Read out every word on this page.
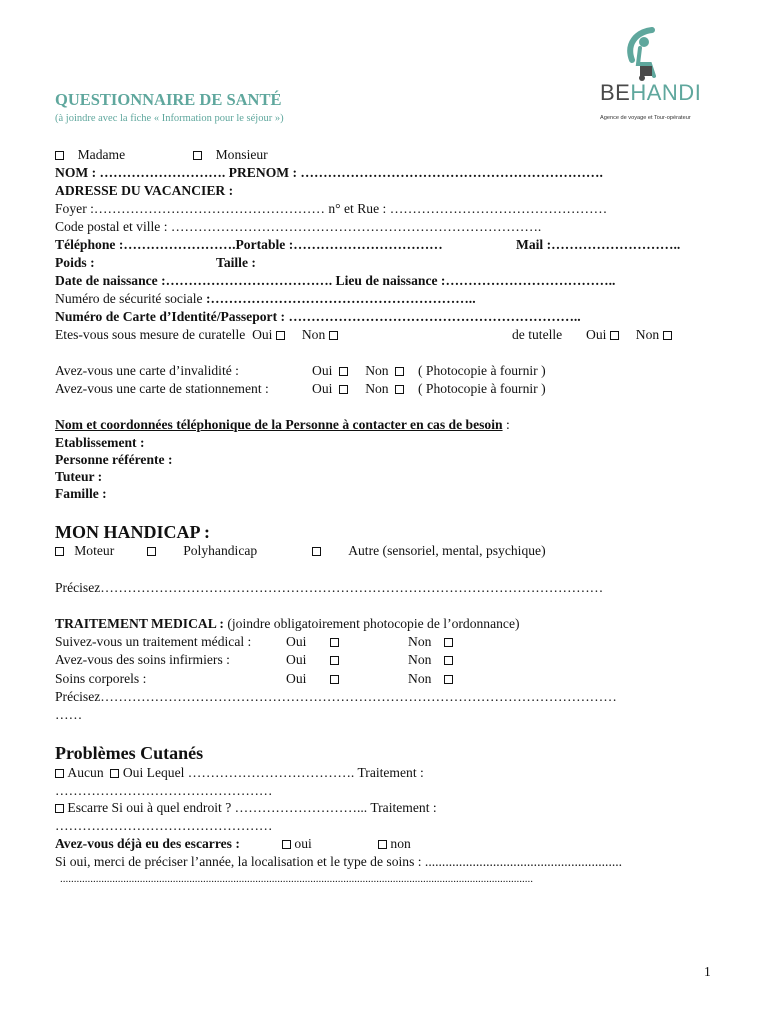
BEHANDI
Agence de voyage et Tour-opérateur
QUESTIONNAIRE DE SANTÉ
(à joindre avec la fiche « Information pour le séjour »)
Madame	Monsieur
NOM : ………………………. PRENOM : ………………………………………………………….
ADRESSE DU VACANCIER :
Foyer :…………………………………………… n° et Rue : …………………………………………
Code postal et ville : ……………………………………………………………………….
Téléphone :…………………….Portable :……………………………	Mail :………………………..
Poids :	Taille :
Date de naissance :………………………………. Lieu de naissance :………………………………..
Numéro de sécurité sociale :…………………………………………………..
Numéro de Carte d’Identité/Passeport : ………………………………………………………..
Etes-vous sous mesure de curatelle Oui Non	de tutelle Oui Non
Avez-vous une carte d’invalidité :	Oui Non ( Photocopie à fournir )
Avez-vous une carte de stationnement :	Oui Non ( Photocopie à fournir )
Nom et coordonnées téléphonique de la Personne à contacter en cas de besoin :
Etablissement :
Personne référente :
Tuteur :
Famille :
MON HANDICAP :
Moteur	Polyhandicap	Autre (sensoriel, mental, psychique)
Précisez…………………………………………………………………………………………………
TRAITEMENT MEDICAL : (joindre obligatoirement photocopie de l’ordonnance)
Suivez-vous un traitement médical :	Oui	Non
Avez-vous des soins infirmiers :	Oui	Non
Soins corporels :	Oui	Non
Précisez……………………………………………………………………………………………………
……
Problèmes Cutanés
Aucun Oui Lequel ………………………………. Traitement :
…………………………………………
Escarre Si oui à quel endroit ? ………………………... Traitement :
…………………………………………
Avez-vous déjà eu des escarres :	oui	non
Si oui, merci de préciser l’année, la localisation et le type de soins : ..........................................................
............................................................................................................................................................................
1
